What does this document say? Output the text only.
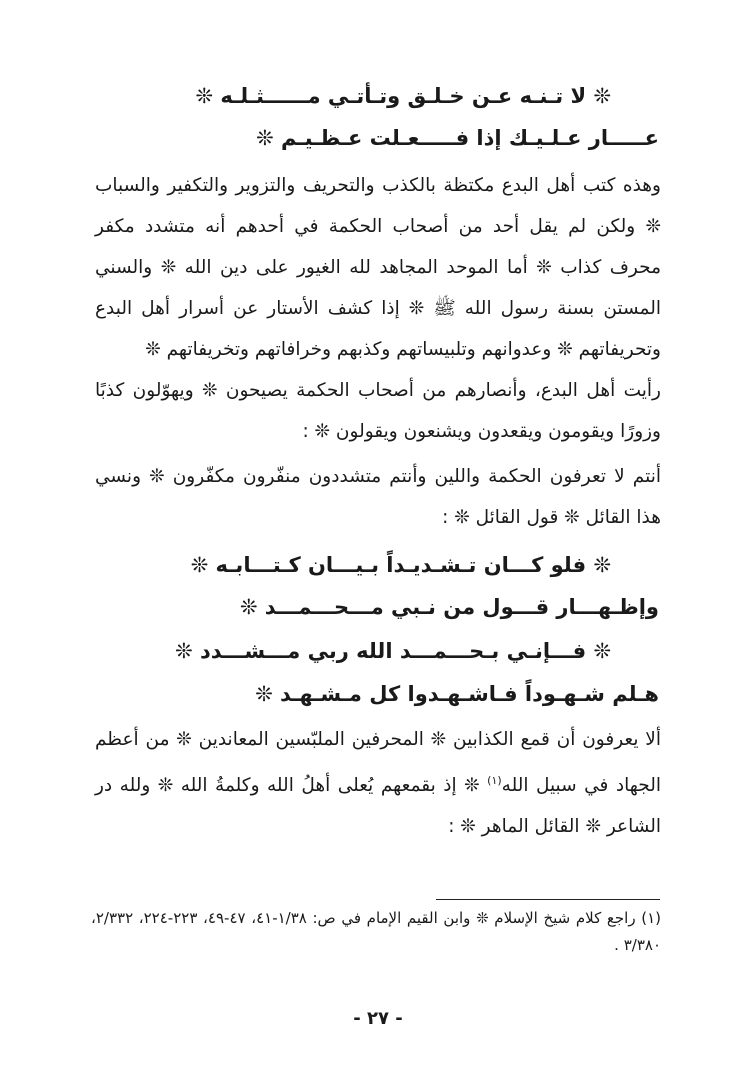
❊ لا تـنـه عـن خـلـق وتـأتـي مــــــثـلـه ❊
عـــــار عـلـيـك إذا فـــــعـلت عـظـيـم ❊

وهذه كتب أهل البدع مكتظة بالكذب والتحريف والتزوير والتكفير والسباب ❊ ولكن لم يقل أحد من أصحاب الحكمة في أحدهم أنه متشدد مكفر محرف كذاب ❊ أما الموحد المجاهد لله الغيور على دين الله ❊ والسني المستن بسنة رسول الله ﷺ ❊ إذا كشف الأستار عن أسرار أهل البدع وتحريفاتهم ❊ وعدوانهم وتلبيساتهم وكذبهم وخرافاتهم وتخريفاتهم ❊

رأيت أهل البدع، وأنصارهم من أصحاب الحكمة يصيحون ❊ ويهوّلون كذبًا وزورًا ويقومون ويقعدون ويشنعون ويقولون ❊ :

أنتم لا تعرفون الحكمة واللين وأنتم متشددون منفّرون مكفّرون ❊ ونسي هذا القائل ❊ قول القائل ❊ :

❊ فلو كـــان تـشـديـداً بـيـــان كـتـــابـه ❊
وإظـهـــار قـــول من نـبي مـــحـــمـــد ❊
❊ فـــإنـي بـحـــمـــد الله ربي مـــشـــدد ❊
هـلم شـهـوداً فـاشـهـدوا كل مـشـهـد ❊

ألا يعرفون أن قمع الكذابين ❊ المحرفين الملبّسين المعاندين ❊ من أعظم الجهاد في سبيل الله$^{(١)}$ ❊ إذ بقمعهم يُعلى أهلُ الله وكلمةُ الله ❊ ولله در الشاعر ❊ القائل الماهر ❊ :

(١) راجع كلام شيخ الإسلام ❊ وابن القيم الإمام في ص: ١/٣٨-٤١، ٤٧-٤٩، ٢٢٣-٢٢٤، ٢/٣٣٢، ٣/٣٨٠ .

- ٢٧ -
